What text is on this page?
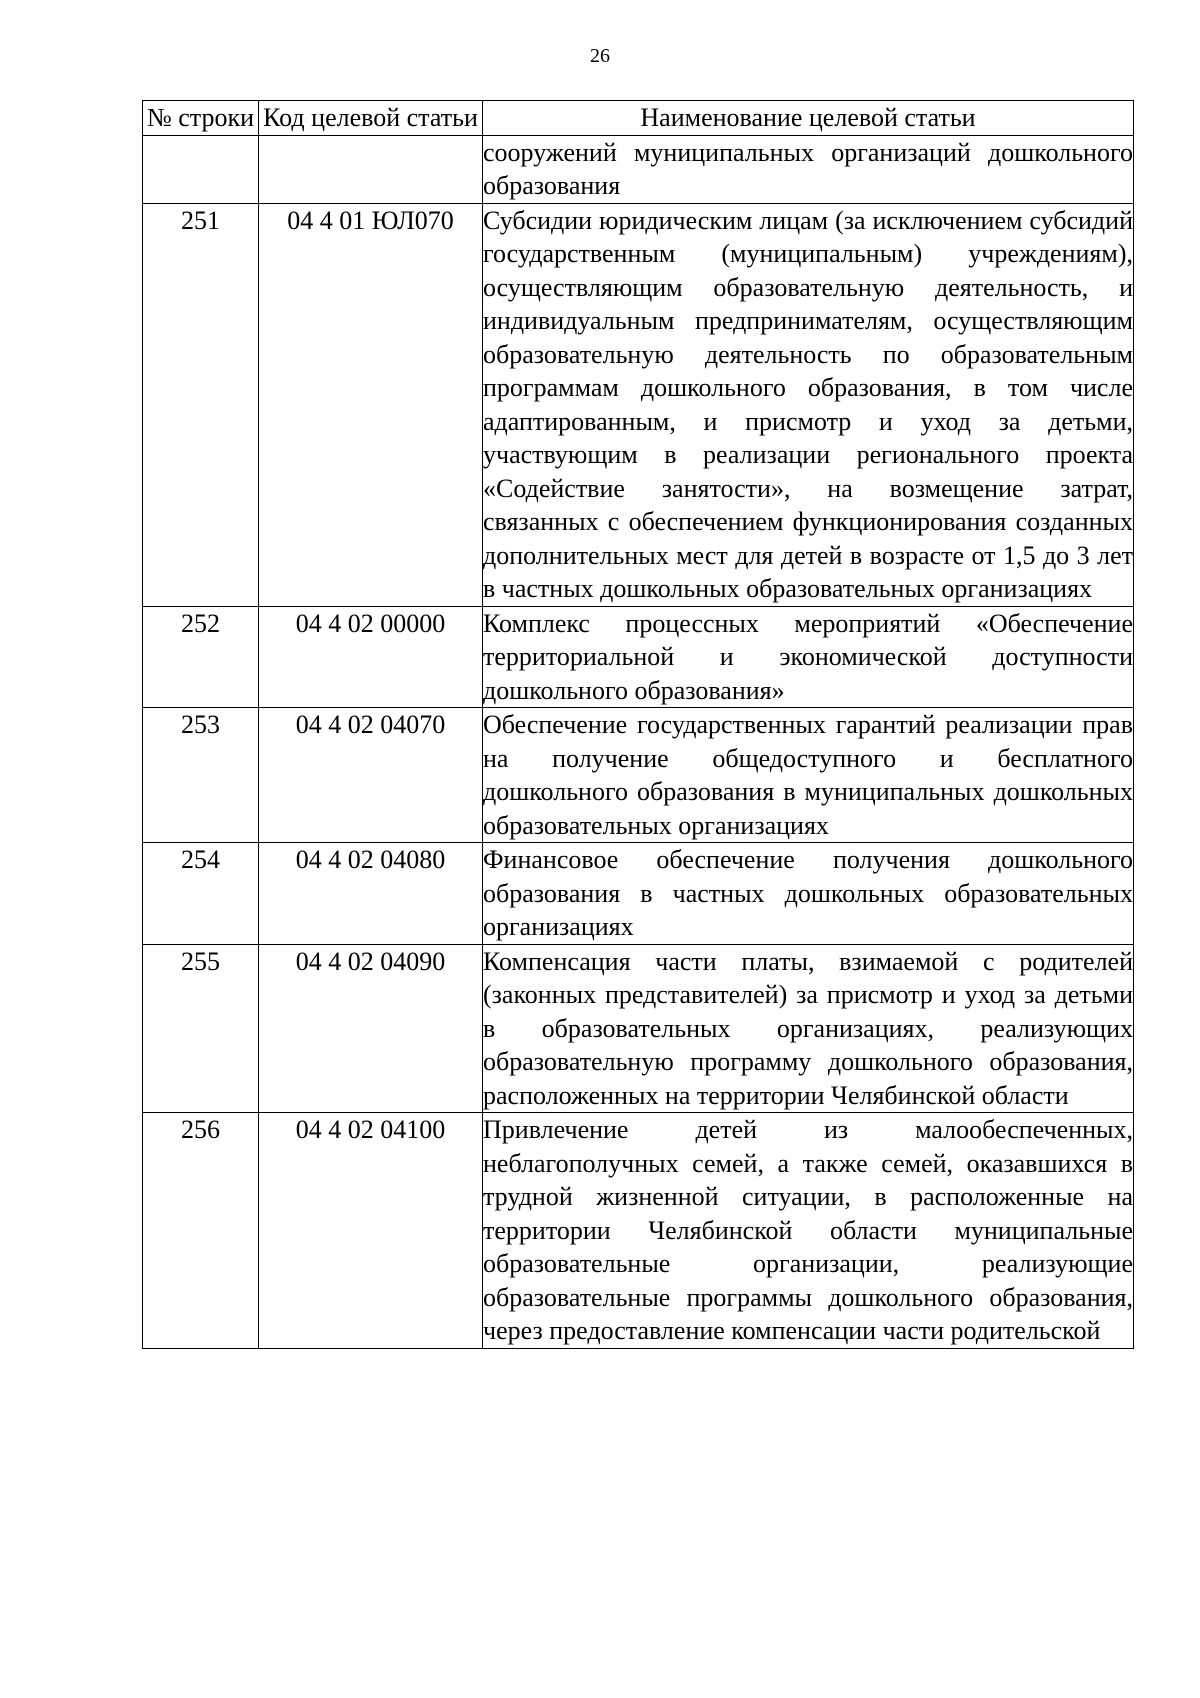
26
№ строки	Код целевой статьи	Наименование целевой статьи
		сооружений муниципальных организаций дошкольного образования
251	04 4 01 ЮЛ070	Субсидии юридическим лицам (за исключением субсидий государственным (муниципальным) учреждениям), осуществляющим образовательную деятельность, и индивидуальным предпринимателям, осуществляющим образовательную деятельность по образовательным программам дошкольного образования, в том числе адаптированным, и присмотр и уход за детьми, участвующим в реализации регионального проекта «Содействие занятости», на возмещение затрат, связанных с обеспечением функционирования созданных дополнительных мест для детей в возрасте от 1,5 до 3 лет в частных дошкольных образовательных организациях
252	04 4 02 00000	Комплекс процессных мероприятий «Обеспечение территориальной и экономической доступности дошкольного образования»
253	04 4 02 04070	Обеспечение государственных гарантий реализации прав на получение общедоступного и бесплатного дошкольного образования в муниципальных дошкольных образовательных организациях
254	04 4 02 04080	Финансовое обеспечение получения дошкольного образования в частных дошкольных образовательных организациях
255	04 4 02 04090	Компенсация части платы, взимаемой с родителей (законных представителей) за присмотр и уход за детьми в образовательных организациях, реализующих образовательную программу дошкольного образования, расположенных на территории Челябинской области
256	04 4 02 04100	Привлечение детей из малообеспеченных, неблагополучных семей, а также семей, оказавшихся в трудной жизненной ситуации, в расположенные на территории Челябинской области муниципальные образовательные организации, реализующие образовательные программы дошкольного образования, через предоставление компенсации части родительской
